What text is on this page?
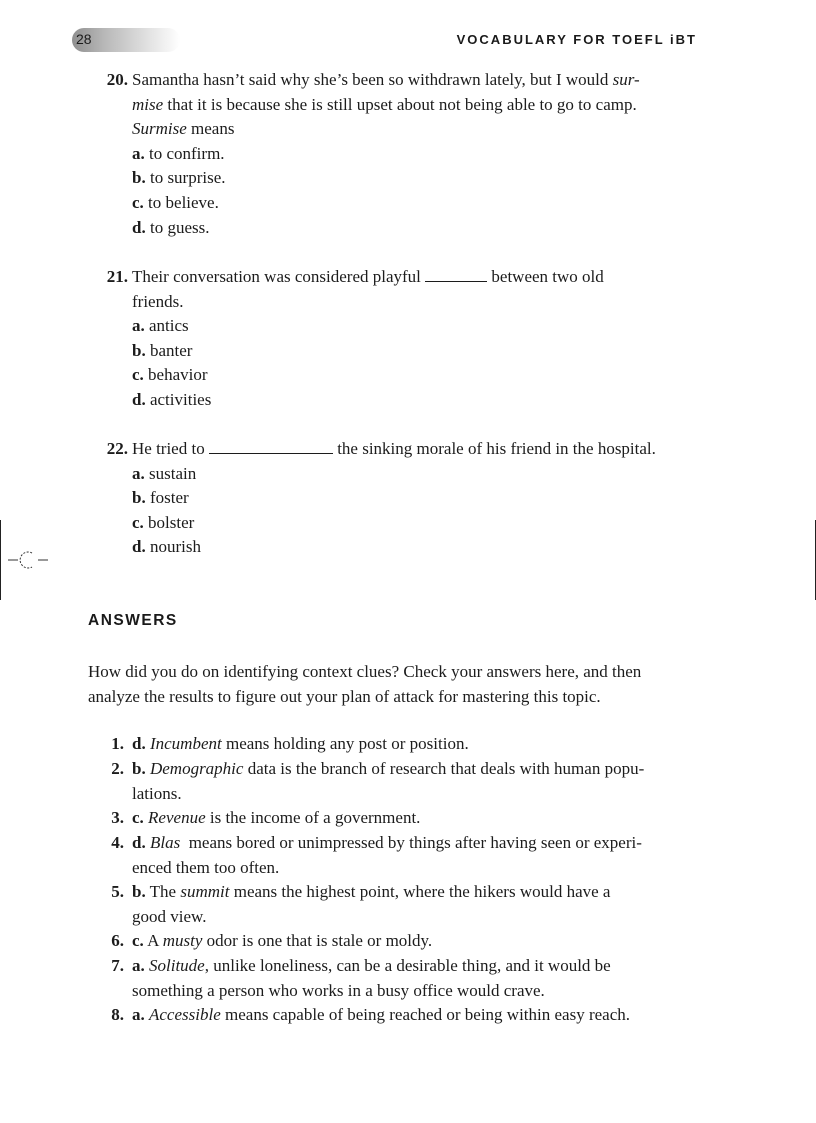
28	VOCABULARY FOR TOEFL iBT
20. Samantha hasn’t said why she’s been so withdrawn lately, but I would sur-
mise that it is because she is still upset about not being able to go to camp.
Surmise means
a. to confirm.
b. to surprise.
c. to believe.
d. to guess.
21. Their conversation was considered playful	between two old
friends.
a. antics
b. banter
c. behavior
d. activities
22. He tried to	the sinking morale of his friend in the hospital.
a. sustain
b. foster
c. bolster
d. nourish
ANSWERS
How did you do on identifying context clues? Check your answers here, and then
analyze the results to figure out your plan of attack for mastering this topic.
1. d. Incumbent means holding any post or position.
2. b. Demographic data is the branch of research that deals with human popu-
lations.
3. c. Revenue is the income of a government.
4. d. Blas  means bored or unimpressed by things after having seen or experi-
enced them too often.
5. b. The summit means the highest point, where the hikers would have a
good view.
6. c. A musty odor is one that is stale or moldy.
7. a. Solitude, unlike loneliness, can be a desirable thing, and it would be
something a person who works in a busy office would crave.
8. a. Accessible means capable of being reached or being within easy reach.
